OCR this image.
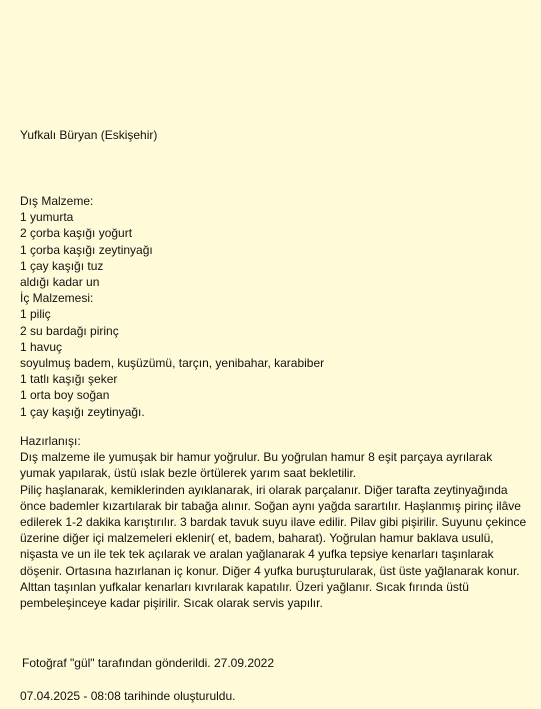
Yufkalı Büryan (Eskişehir)
Dış Malzeme:
1 yumurta
2 çorba kaşığı yoğurt
1 çorba kaşığı zeytinyağı
1 çay kaşığı tuz
aldığı kadar un
İç Malzemesi:
1 piliç
2 su bardağı pirinç
1 havuç
soyulmuş badem, kuşüzümü, tarçın, yenibahar, karabiber
1 tatlı kaşığı şeker
1 orta boy soğan
1 çay kaşığı zeytinyağı.

Hazırlanışı:

Dış malzeme ile yumuşak bir hamur yoğrulur. Bu yoğrulan hamur 8 eşit parçaya ayrılarak yumak yapılarak, üstü ıslak bezle örtülerek yarım saat bekletilir.

Piliç haşlanarak, kemiklerinden ayıklanarak, iri olarak parçalanır. Diğer tarafta zeytinyağında önce bademler kızartılarak bir tabağa alınır. Soğan aynı yağda sarartılır. Haşlanmış pirinç ilâve edilerek 1-2 dakika karıştırılır. 3 bardak tavuk suyu ilave edilir. Pilav gibi pişirilir. Suyunu çekince üzerine diğer içi malzemeleri eklenir( et, badem, baharat). Yoğrulan hamur baklava usulü, nişasta ve un ile tek tek açılarak ve aralan yağlanarak 4 yufka tepsiye kenarları taşınlarak döşenir. Ortasına hazırlanan iç konur. Diğer 4 yufka buruşturularak, üst üste yağlanarak konur. Alttan taşınlan yufkalar kenarları kıvrılarak kapatılır. Üzeri yağlanır. Sıcak fırında üstü pembeleşinceye kadar pişirilir. Sıcak olarak servis yapılır.

Fotoğraf "gül" tarafından gönderildi. 27.09.2022
07.04.2025 - 08:08 tarihinde oluşturuldu.
